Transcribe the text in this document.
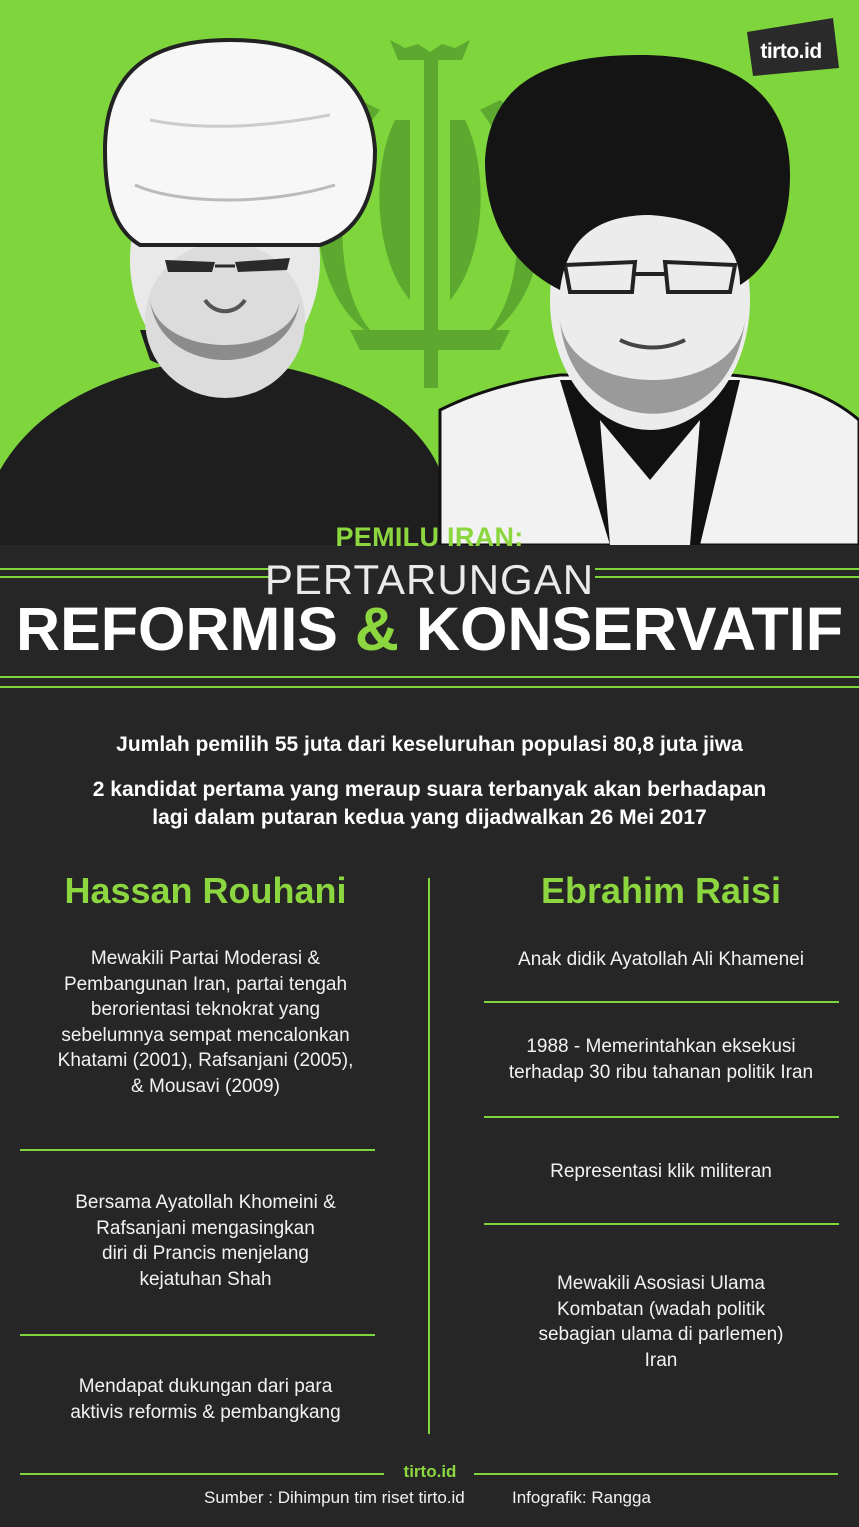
tirto.id
PEMILU IRAN:
PERTARUNGAN
REFORMIS & KONSERVATIF
Jumlah pemilih 55 juta dari keseluruhan populasi 80,8 juta jiwa
2 kandidat pertama yang meraup suara terbanyak akan berhadapan
lagi dalam putaran kedua yang dijadwalkan 26 Mei 2017
Hassan Rouhani
Mewakili Partai Moderasi &
Pembangunan Iran, partai tengah
berorientasi teknokrat yang
sebelumnya sempat mencalonkan
Khatami (2001), Rafsanjani (2005),
& Mousavi (2009)
Bersama Ayatollah Khomeini &
Rafsanjani mengasingkan
diri di Prancis menjelang
kejatuhan Shah
Mendapat dukungan dari para
aktivis reformis & pembangkang
Ebrahim Raisi
Anak didik Ayatollah Ali Khamenei
1988 - Memerintahkan eksekusi
terhadap 30 ribu tahanan politik Iran
Representasi klik militeran
Mewakili Asosiasi Ulama
Kombatan (wadah politik
sebagian ulama di parlemen)
Iran
tirto.id
Sumber : Dihimpun tim riset tirto.id	Infografik: Rangga
